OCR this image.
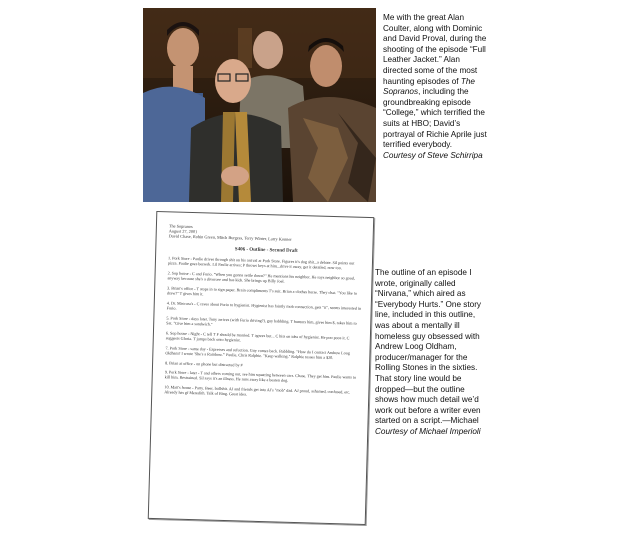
Me with the great Alan Coulter, along with Dominic and David Proval, during the shooting of the episode “Full Leather Jacket.” Alan directed some of the most haunting episodes of The Sopranos, including the groundbreaking episode “College,” which terrified the suits at HBO; David’s portrayal of Richie Aprile just terrified everybody.
Courtesy of Steve Schirripa
The Sopranos
August 27, 2001
David Chase, Robin Green, Mitch Burgess, Terry Winter, Larry Konner
S406 - Outline - Second Draft
1. Pork Store - Paulie drives through shit on his arrival at Pork Store. Figures it's dog shit...a debate. Sil points out pizza. Paulie goes berserk. Lil Paulie arrives; P throws keys at him...drive it away, get it detailed, now too.
2. Sop house - C and Furio. "When you gonna settle down?" He mentions his neighbor. He says neighbor so good, anyway because she's a divorcee and has kids. She brings up Billy Joel.
3. Brian's office - T stops in to sign paper. Brain compliments T's suit. Brian a clothes horse. They chat. "You like to draw?" T gives him it.
4. Dr. Mascara's - C raves about Furio to hygienist. Hygienist has faintly mob connection, gets "it", seems interested in Furio.
5. Pork Store - days later. Tony arrives (with Furio driving?), guy babbling. T humors him, gives him $, takes him to Sat. "Give him a sandwich."
6. Sop house - Night - C tell T F should be married. T agrees but... C hits on idea of hygienist. He poo poos it. C suggests Gloria. T jumps back onto hygienist.
7. Pork Store - same day - Espresses and refuction. Guy comes back. Babbling. "How do I contact Andrew Loog Oldham? I wrote 'She's a Rainbow.'" Paulie, Chris Ralphie. "Keep walking." Ralphie tosses him a $20.
8. Brian at office - on phone but distracted by #
9. Pork Store - later - T and others coming out, see him squatting between cars. Chase. They get him. Paulie wants to kill him. Restrained. Sil says it's an illness. He runs away like a beaten dog.
10. Matt's house - Party. Beer, bullshit. AJ and friends get into AJ's "mob" dad. AJ proud, ashamed, confused, etc. Already has gf Meredith. Talk of Bing. Great idea.
The outline of an episode I wrote, originally called “Nirvana,” which aired as “Everybody Hurts.” One story line, included in this outline, was about a mentally ill homeless guy obsessed with Andrew Loog Oldham, producer/manager for the Rolling Stones in the sixties. That story line would be dropped—but the outline shows how much detail we’d work out before a writer even started on a script.—Michael
Courtesy of Michael Imperioli
